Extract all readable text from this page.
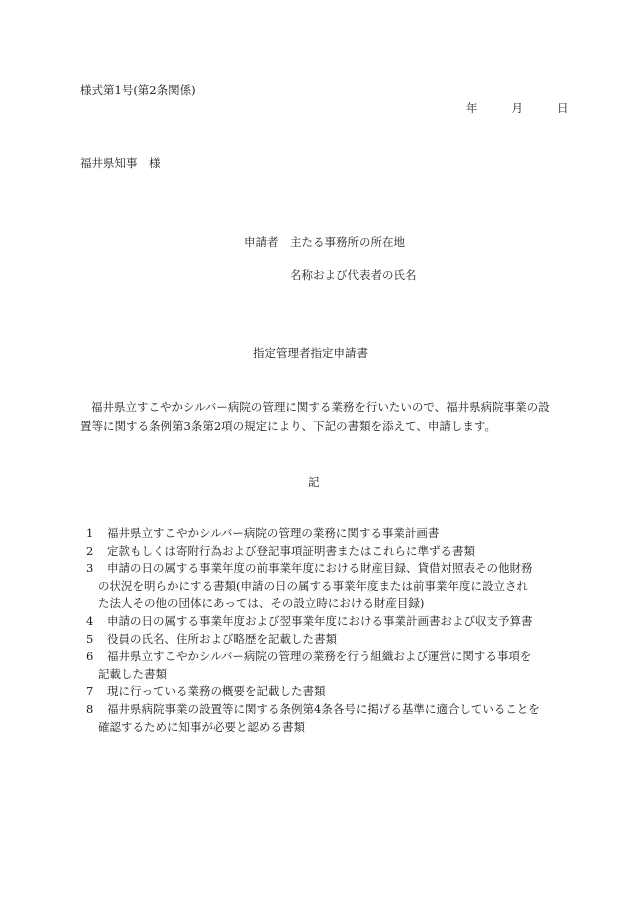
様式第1号(第2条関係)
年	月	日
福井県知事　様
申請者　主たる事務所の所在地
名称および代表者の氏名
指定管理者指定申請書
福井県立すこやかシルバー病院の管理に関する業務を行いたいので、福井県病院事業の設置等に関する条例第3条第2項の規定により、下記の書類を添えて、申請します。
記
1 福井県立すこやかシルバー病院の管理の業務に関する事業計画書
2 定款もしくは寄附行為および登記事項証明書またはこれらに準ずる書類
3 申請の日の属する事業年度の前事業年度における財産目録、貸借対照表その他財務
の状況を明らかにする書類(申請の日の属する事業年度または前事業年度に設立され
た法人その他の団体にあっては、その設立時における財産目録)
4 申請の日の属する事業年度および翌事業年度における事業計画書および収支予算書
5 役員の氏名、住所および略歴を記載した書類
6 福井県立すこやかシルバー病院の管理の業務を行う組織および運営に関する事項を
記載した書類
7 現に行っている業務の概要を記載した書類
8 福井県病院事業の設置等に関する条例第4条各号に掲げる基準に適合していることを
確認するために知事が必要と認める書類
